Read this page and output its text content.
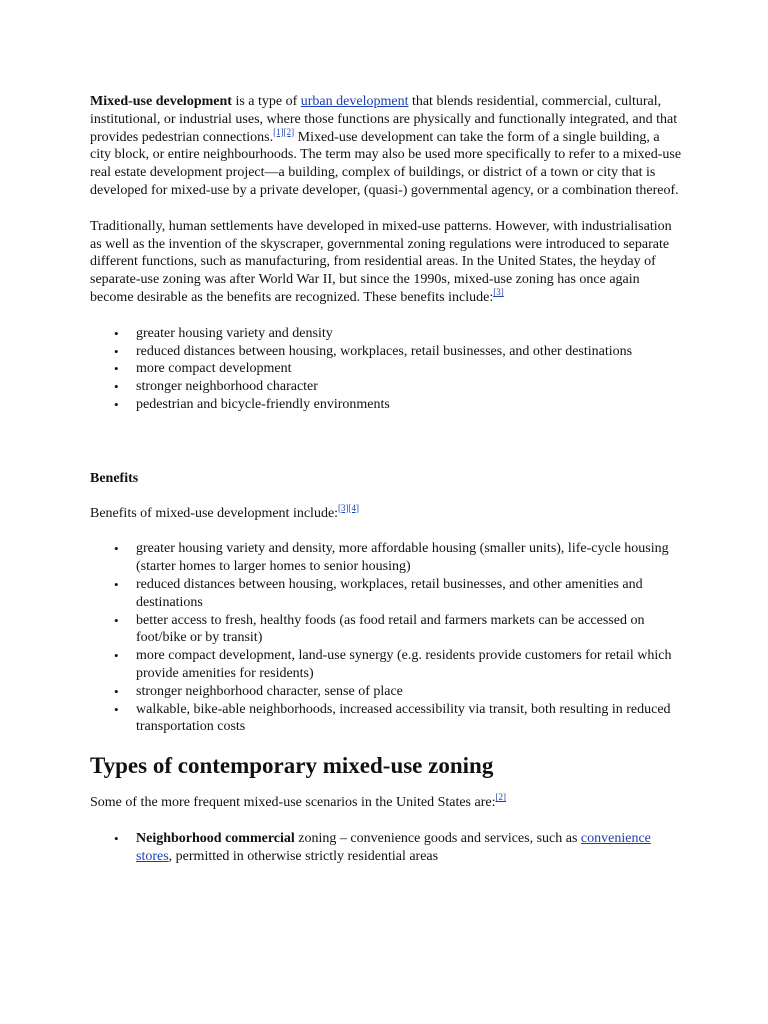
Mixed-use development is a type of urban development that blends residential, commercial, cultural, institutional, or industrial uses, where those functions are physically and functionally integrated, and that provides pedestrian connections.[1][2] Mixed-use development can take the form of a single building, a city block, or entire neighbourhoods. The term may also be used more specifically to refer to a mixed-use real estate development project—a building, complex of buildings, or district of a town or city that is developed for mixed-use by a private developer, (quasi-) governmental agency, or a combination thereof.

Traditionally, human settlements have developed in mixed-use patterns. However, with industrialisation as well as the invention of the skyscraper, governmental zoning regulations were introduced to separate different functions, such as manufacturing, from residential areas. In the United States, the heyday of separate-use zoning was after World War II, but since the 1990s, mixed-use zoning has once again become desirable as the benefits are recognized. These benefits include:[3]

• greater housing variety and density
• reduced distances between housing, workplaces, retail businesses, and other destinations
• more compact development
• stronger neighborhood character
• pedestrian and bicycle-friendly environments

Benefits

Benefits of mixed-use development include:[3][4]

• greater housing variety and density, more affordable housing (smaller units), life-cycle housing (starter homes to larger homes to senior housing)
• reduced distances between housing, workplaces, retail businesses, and other amenities and destinations
• better access to fresh, healthy foods (as food retail and farmers markets can be accessed on foot/bike or by transit)
• more compact development, land-use synergy (e.g. residents provide customers for retail which provide amenities for residents)
• stronger neighborhood character, sense of place
• walkable, bike-able neighborhoods, increased accessibility via transit, both resulting in reduced transportation costs

Types of contemporary mixed-use zoning

Some of the more frequent mixed-use scenarios in the United States are:[2]

• Neighborhood commercial zoning – convenience goods and services, such as convenience stores, permitted in otherwise strictly residential areas
